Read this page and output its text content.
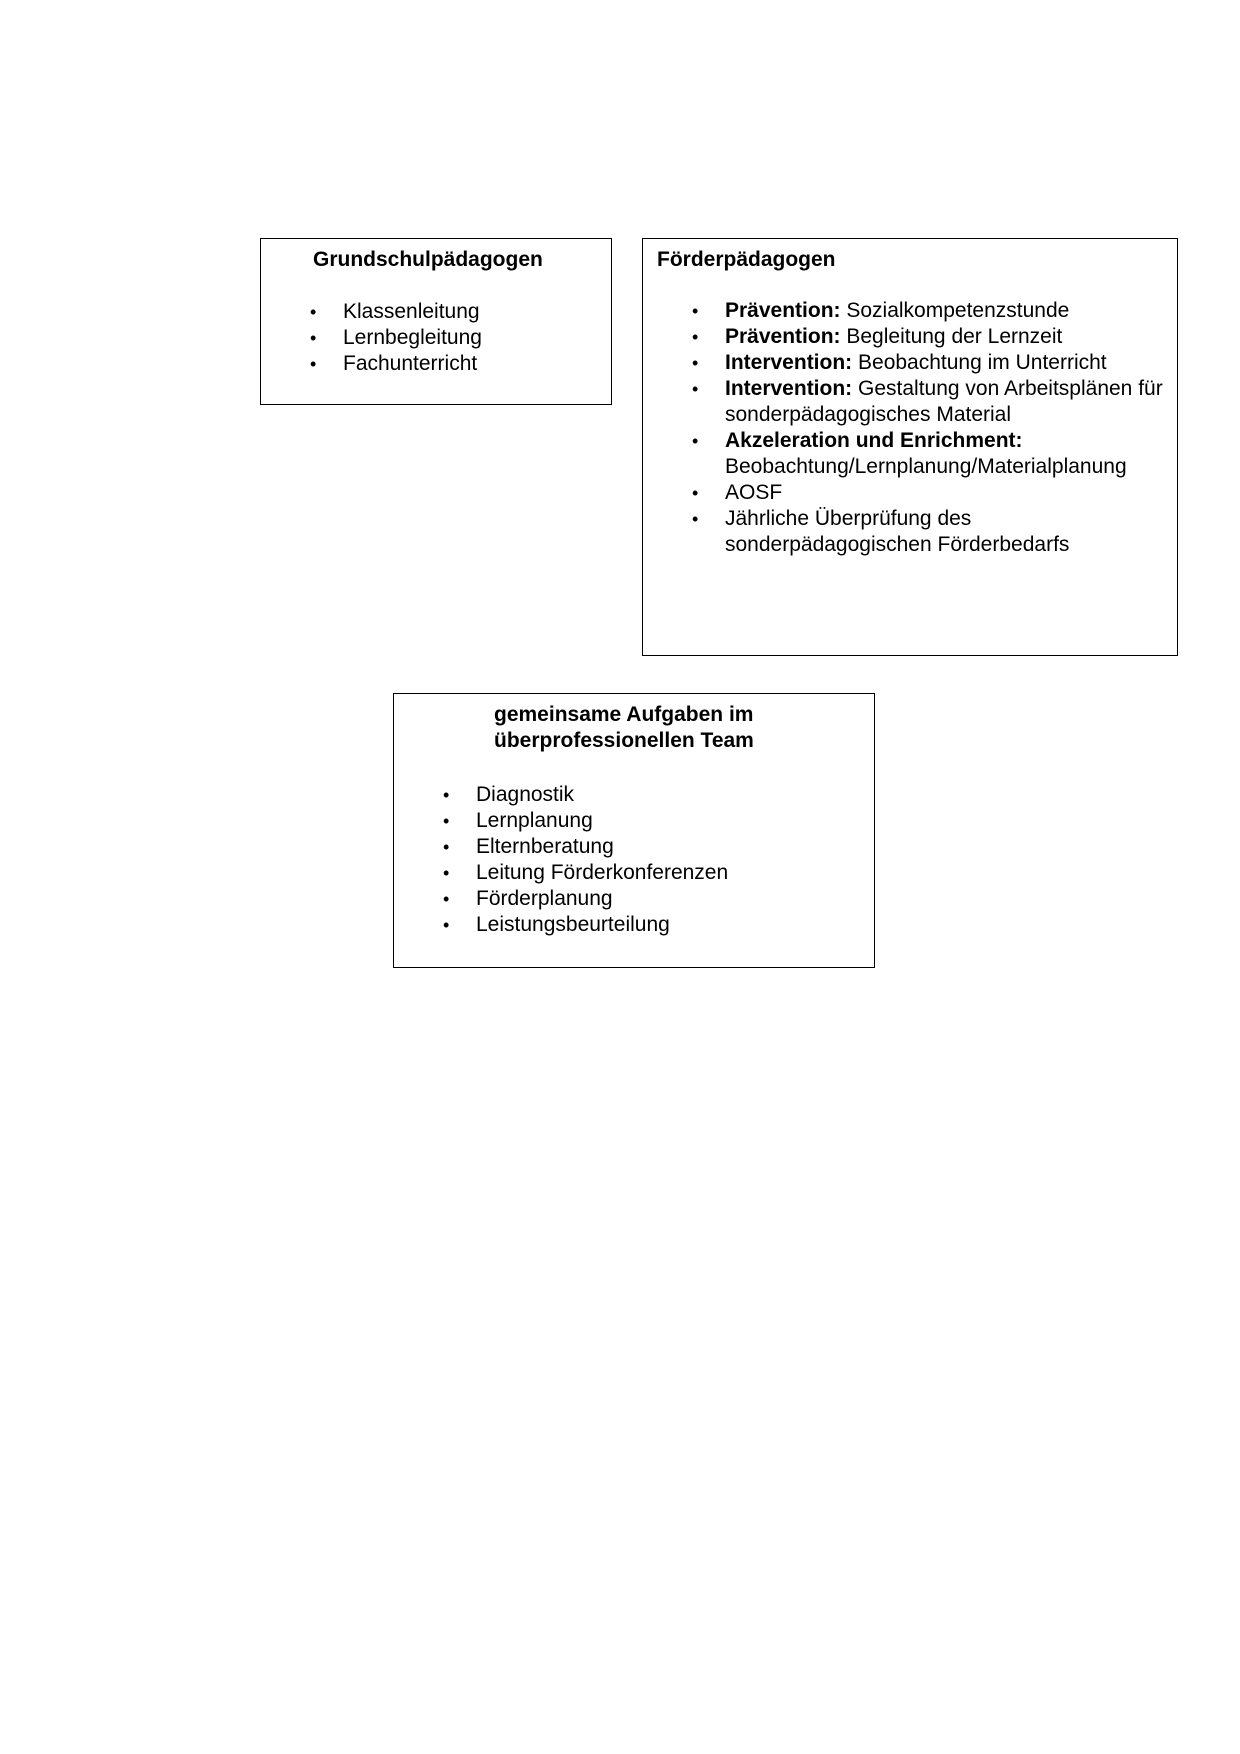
Grundschulpädagogen

• Klassenleitung
• Lernbegleitung
• Fachunterricht

Förderpädagogen

• Prävention: Sozialkompetenzstunde
• Prävention: Begleitung der Lernzeit
• Intervention: Beobachtung im Unterricht
• Intervention: Gestaltung von Arbeitsplänen für sonderpädagogisches Material
• Akzeleration und Enrichment: Beobachtung/Lernplanung/Materialplanung
• AOSF
• Jährliche Überprüfung des sonderpädagogischen Förderbedarfs

gemeinsame Aufgaben im überprofessionellen Team

• Diagnostik
• Lernplanung
• Elternberatung
• Leitung Förderkonferenzen
• Förderplanung
• Leistungsbeurteilung
